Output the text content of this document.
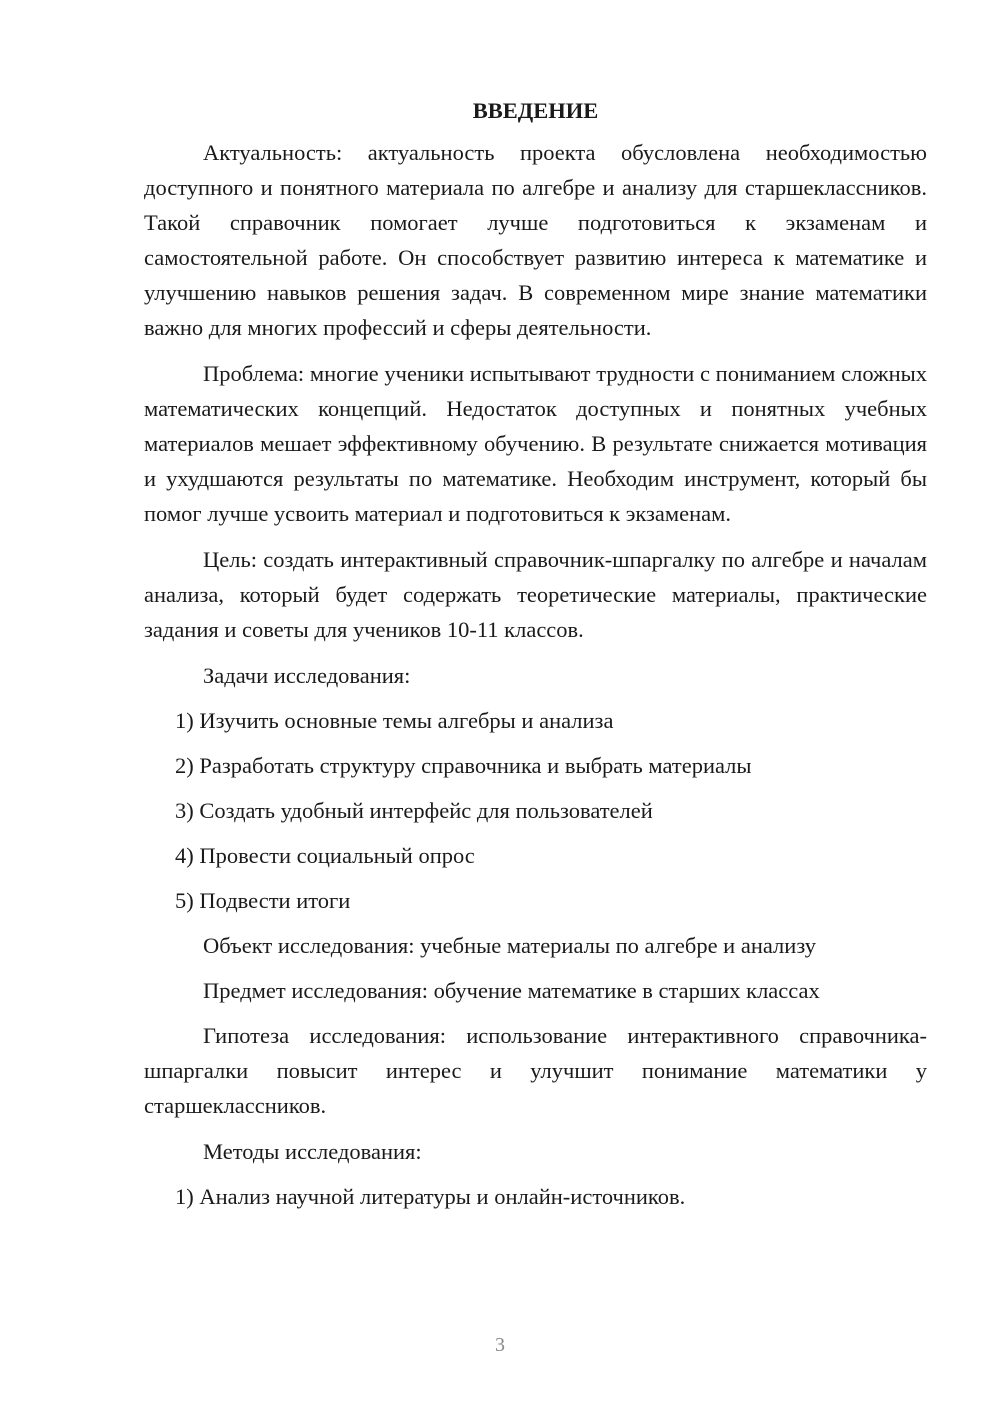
ВВЕДЕНИЕ

Актуальность: актуальность проекта обусловлена необходимостью доступного и понятного материала по алгебре и анализу для старшеклассников. Такой справочник помогает лучше подготовиться к экзаменам и самостоятельной работе. Он способствует развитию интереса к математике и улучшению навыков решения задач. В современном мире знание математики важно для многих профессий и сферы деятельности.

Проблема: многие ученики испытывают трудности с пониманием сложных математических концепций. Недостаток доступных и понятных учебных материалов мешает эффективному обучению. В результате снижается мотивация и ухудшаются результаты по математике. Необходим инструмент, который бы помог лучше усвоить материал и подготовиться к экзаменам.

Цель: создать интерактивный справочник-шпаргалку по алгебре и началам анализа, который будет содержать теоретические материалы, практические задания и советы для учеников 10-11 классов.

Задачи исследования:
1) Изучить основные темы алгебры и анализа
2) Разработать структуру справочника и выбрать материалы
3) Создать удобный интерфейс для пользователей
4) Провести социальный опрос
5) Подвести итоги
Объект исследования: учебные материалы по алгебре и анализу
Предмет исследования: обучение математике в старших классах

Гипотеза исследования: использование интерактивного справочника-шпаргалки повысит интерес и улучшит понимание математики у старшеклассников.

Методы исследования:
1) Анализ научной литературы и онлайн-источников.
3
